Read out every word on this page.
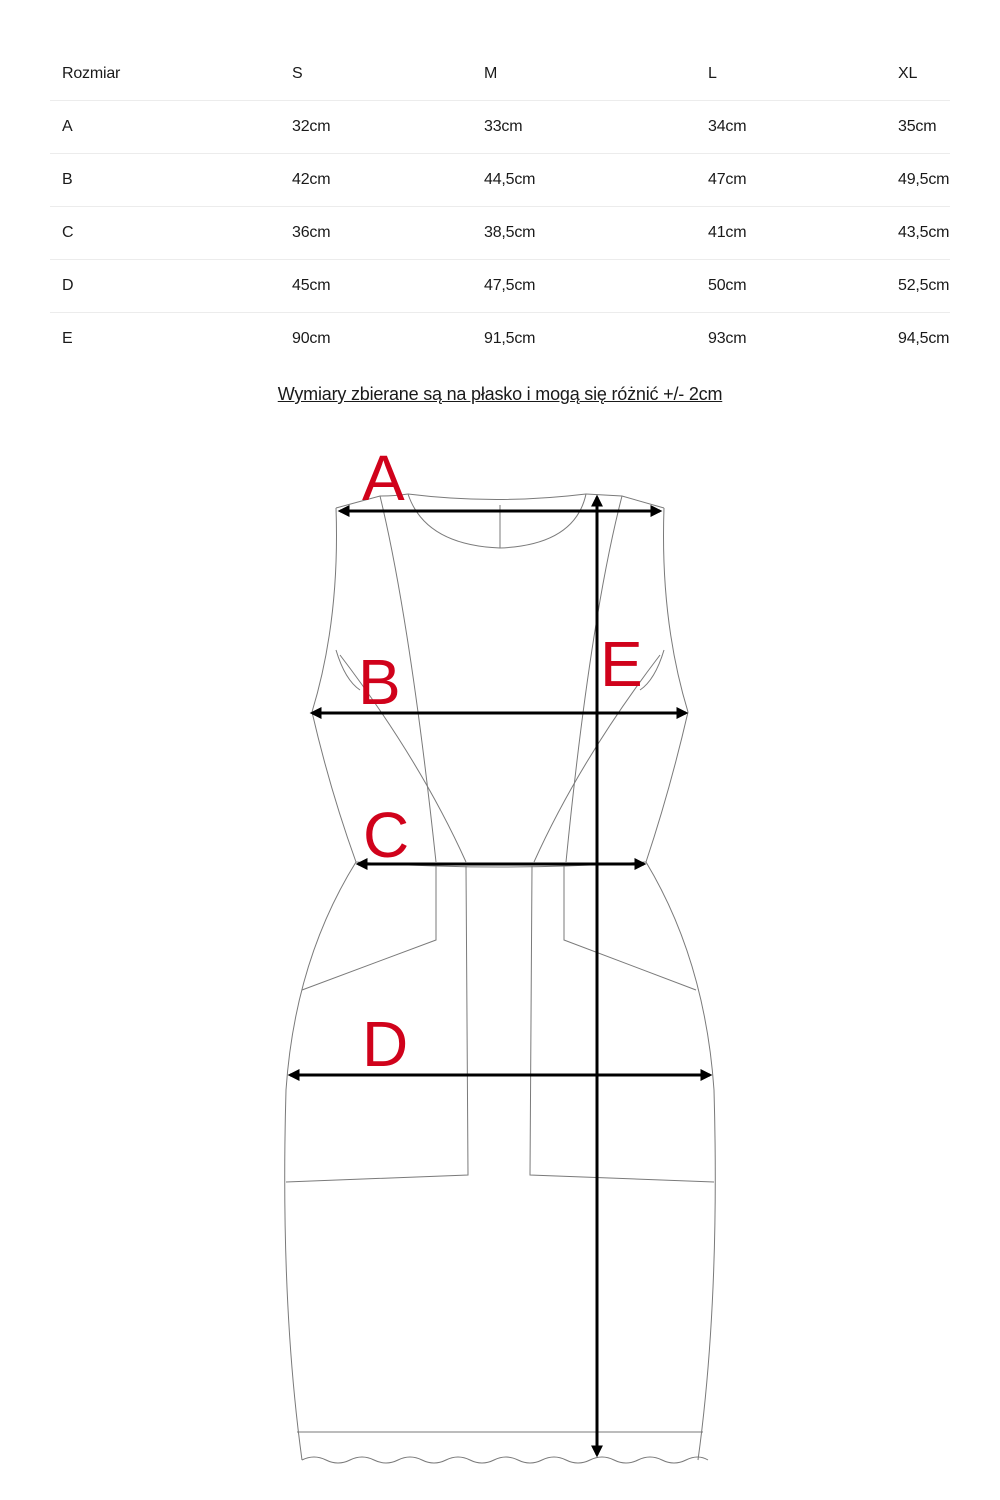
Rozmiar	S	M	L	XL
A	32cm	33cm	34cm	35cm
B	42cm	44,5cm	47cm	49,5cm
C	36cm	38,5cm	41cm	43,5cm
D	45cm	47,5cm	50cm	52,5cm
E	90cm	91,5cm	93cm	94,5cm
Wymiary zbierane są na płasko i mogą się różnić +/- 2cm
A
B
C
D
E
